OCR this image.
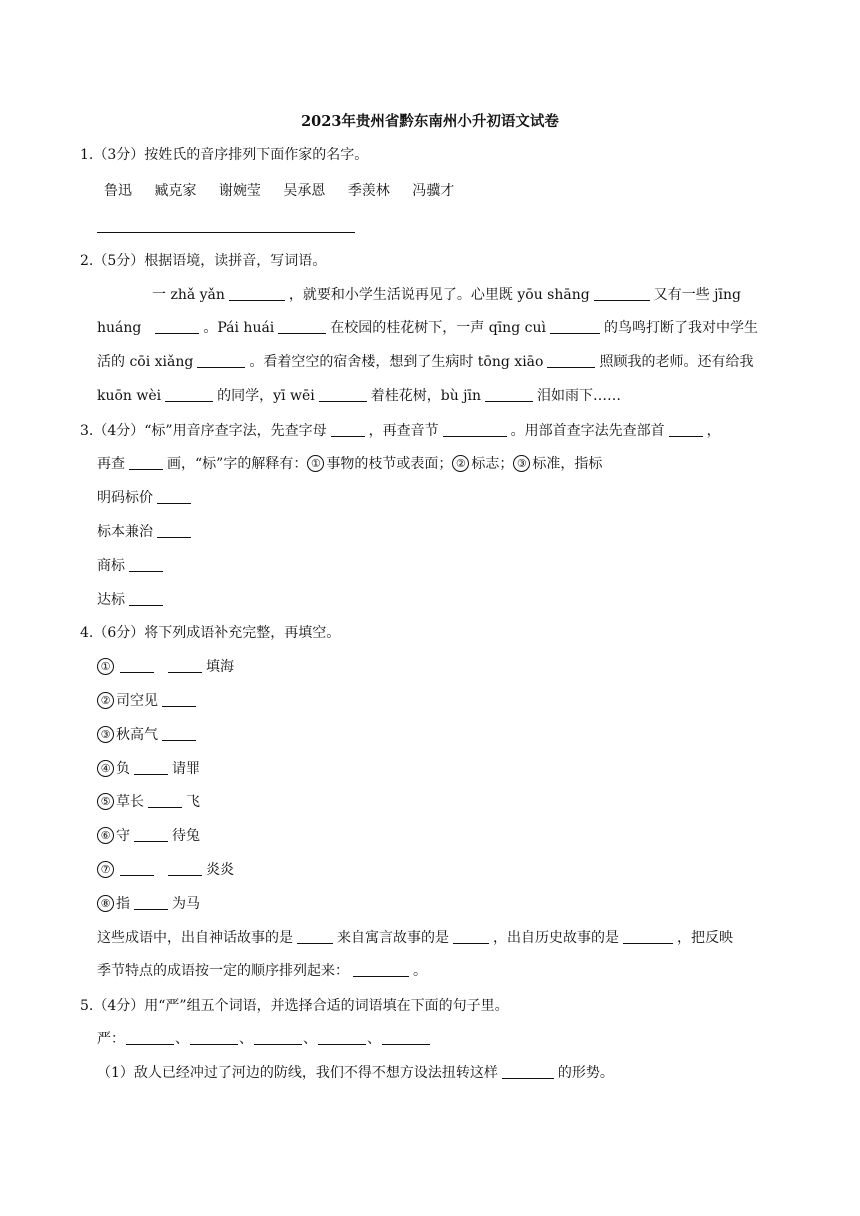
2023年贵州省黔东南州小升初语文试卷
1.（3分）按姓氏的音序排列下面作家的名字。
鲁迅 臧克家 谢婉莹 吴承恩 季羡林 冯骥才
2.（5分）根据语境，读拼音，写词语。
一 zhǎ yǎn	，就要和小学生活说再见了。心里既 yōu shāng	又有一些 jīng
huáng	。Pái huái	在校园的桂花树下，一声 qīng cuì	的鸟鸣打断了我对中学生
活的 cōi xiǎng	。看着空空的宿舍楼，想到了生病时 tōng xiāo	照顾我的老师。还有给我
kuōn wèi	的同学，yī wēi	着桂花树，bù jīn	泪如雨下……
3.（4分）“标”用音序查字法，先查字母	，再查音节	。用部首查字法先查部首	，
再查	画，“标”字的解释有： ① 事物的枝节或表面； ② 标志； ③ 标准，指标
明码标价
标本兼治
商标
达标
4.（6分）将下列成语补充完整，再填空。
①	填海
② 司空见
③ 秋高气
④ 负	请罪
⑤ 草长	飞
⑥ 守	待兔
⑦	炎炎
⑧ 指	为马
这些成语中，出自神话故事的是	来自寓言故事的是	，出自历史故事的是	，把反映
季节特点的成语按一定的顺序排列起来：	。
5.（4分）用“严”组五个词语，并选择合适的词语填在下面的句子里。
严：	、	、	、	、
（1）敌人已经冲过了河边的防线，我们不得不想方设法扭转这样	的形势。
